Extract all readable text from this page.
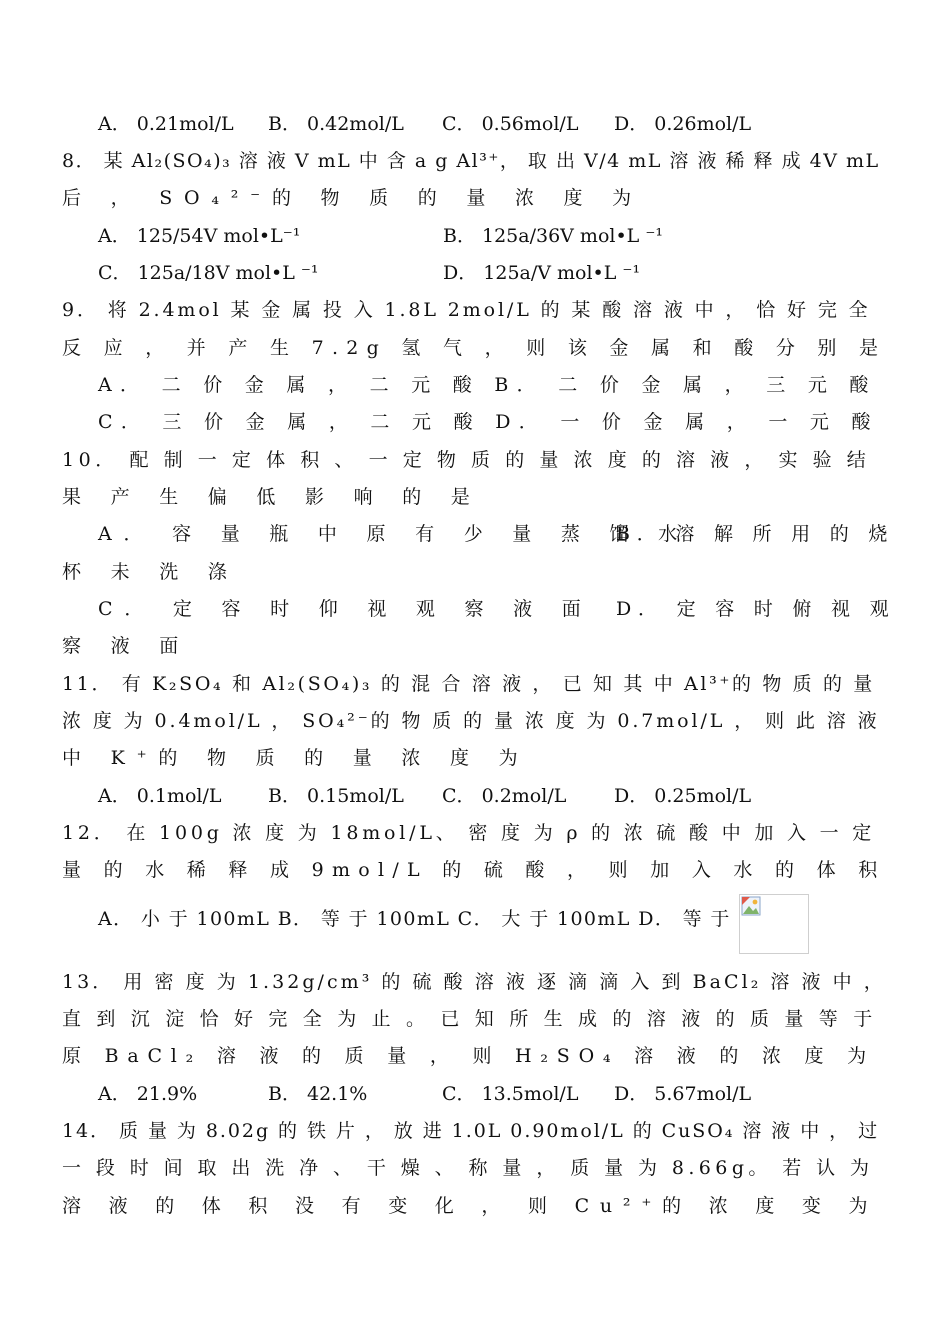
A． 0.21mol/L	B． 0.42mol/L	C． 0.56mol/L	D． 0.26mol/L
8． 某 Al₂(SO₄)₃ 溶 液 V mL 中 含 a g Al³⁺， 取 出 V/4 mL 溶 液 稀 释 成 4V mL
后 ， SO₄²⁻的 物 质 的 量 浓 度 为
A． 125/54V mol•L⁻¹	B． 125a/36V mol•L ⁻¹
C． 125a/18V mol•L ⁻¹	D． 125a/V mol•L ⁻¹
9． 将 2.4mol 某 金 属 投 入 1.8L 2mol/L 的 某 酸 溶 液 中 ， 恰 好 完 全
反 应 ， 并 产 生 7.2g 氢 气 ， 则 该 金 属 和 酸 分 别 是
A． 二 价 金 属 ， 二 元 酸 B． 二 价 金 属 ， 三 元 酸
C． 三 价 金 属 ， 二 元 酸 D． 一 价 金 属 ， 一 元 酸
10． 配 制 一 定 体 积 、 一 定 物 质 的 量 浓 度 的 溶 液 ， 实 验 结
果 产 生 偏 低 影 响 的 是
A． 容 量 瓶 中 原 有 少 量 蒸 馏 水
B． 溶 解 所 用 的 烧
杯 未 洗 涤
C． 定 容 时 仰 视 观 察 液 面	D． 定 容 时 俯 视 观
察 液 面
11． 有 K₂SO₄ 和 Al₂(SO₄)₃ 的 混 合 溶 液 ， 已 知 其 中 Al³⁺的 物 质 的 量
浓 度 为 0.4mol/L ， SO₄²⁻的 物 质 的 量 浓 度 为 0.7mol/L ， 则 此 溶 液
中 K⁺的 物 质 的 量 浓 度 为
A． 0.1mol/L	B． 0.15mol/L	C． 0.2mol/L	D． 0.25mol/L
12． 在 100g 浓 度 为 18mol/L、 密 度 为 ρ 的 浓 硫 酸 中 加 入 一 定
量 的 水 稀 释 成 9mol/L 的 硫 酸 ， 则 加 入 水 的 体 积
A． 小 于 100mL B． 等 于 100mL C． 大 于 100mL D． 等 于
13． 用 密 度 为 1.32g/cm³ 的 硫 酸 溶 液 逐 滴 滴 入 到 BaCl₂ 溶 液 中 ，
直 到 沉 淀 恰 好 完 全 为 止 。 已 知 所 生 成 的 溶 液 的 质 量 等 于
原 BaCl₂ 溶 液 的 质 量 ， 则 H₂SO₄ 溶 液 的 浓 度 为
A． 21.9%	B． 42.1%	C． 13.5mol/L	D． 5.67mol/L
14． 质 量 为 8.02g 的 铁 片 ， 放 进 1.0L 0.90mol/L 的 CuSO₄ 溶 液 中 ， 过
一 段 时 间 取 出 洗 净 、 干 燥 、 称 量 ， 质 量 为 8.66g。 若 认 为
溶 液 的 体 积 没 有 变 化 ， 则 Cu²⁺的 浓 度 变 为
